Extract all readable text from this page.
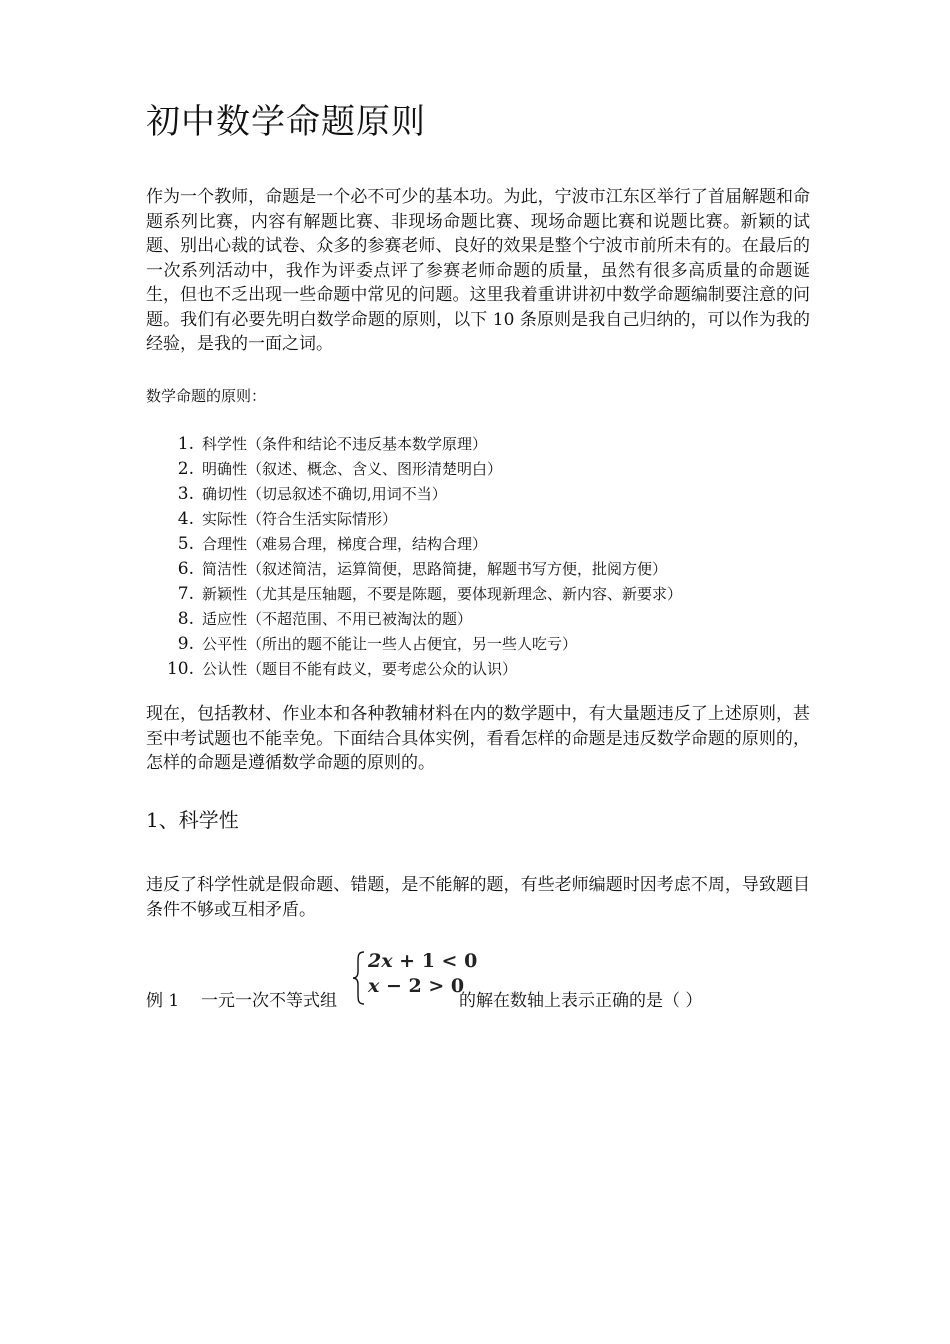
初中数学命题原则

作为一个教师，命题是一个必不可少的基本功。为此，宁波市江东区举行了首届解题和命题系列比赛，内容有解题比赛、非现场命题比赛、现场命题比赛和说题比赛。新颖的试题、别出心裁的试卷、众多的参赛老师、良好的效果是整个宁波市前所未有的。在最后的一次系列活动中，我作为评委点评了参赛老师命题的质量，虽然有很多高质量的命题诞生，但也不乏出现一些命题中常见的问题。这里我着重讲讲初中数学命题编制要注意的问题。我们有必要先明白数学命题的原则，以下 10 条原则是我自己归纳的，可以作为我的经验，是我的一面之词。

数学命题的原则：

1. 科学性（条件和结论不违反基本数学原理）
2. 明确性（叙述、概念、含义、图形清楚明白）
3. 确切性（切忌叙述不确切,用词不当）
4. 实际性（符合生活实际情形）
5. 合理性（难易合理，梯度合理，结构合理）
6. 简洁性（叙述简洁，运算简便，思路简捷，解题书写方便，批阅方便）
7. 新颖性（尤其是压轴题，不要是陈题，要体现新理念、新内容、新要求）
8. 适应性（不超范围、不用已被淘汰的题）
9. 公平性（所出的题不能让一些人占便宜，另一些人吃亏）
10. 公认性（题目不能有歧义，要考虑公众的认识）

现在，包括教材、作业本和各种教辅材料在内的数学题中，有大量题违反了上述原则，甚至中考试题也不能幸免。下面结合具体实例，看看怎样的命题是违反数学命题的原则的，怎样的命题是遵循数学命题的原则的。

1、科学性

违反了科学性就是假命题、错题，是不能解的题，有些老师编题时因考虑不周，导致题目条件不够或互相矛盾。

例 1 一元一次不等式组
2x + 1 < 0
x − 2 > 0
的解在数轴上表示正确的是（ ）
